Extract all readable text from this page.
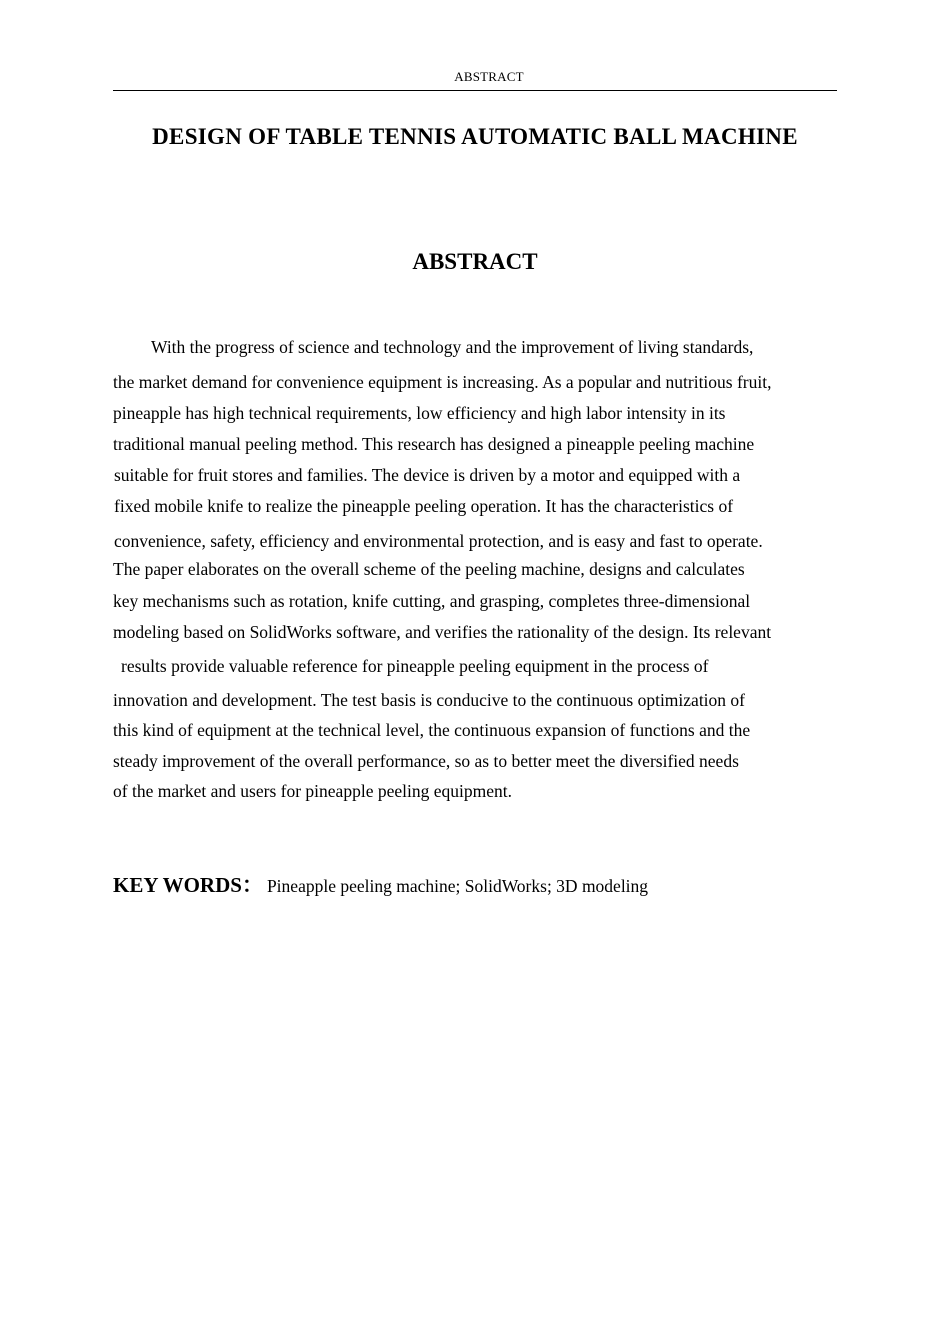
ABSTRACT
DESIGN OF TABLE TENNIS AUTOMATIC BALL MACHINE
ABSTRACT
With the progress of science and technology and the improvement of living standards,
the market demand for convenience equipment is increasing. As a popular and nutritious fruit,
pineapple has high technical requirements, low efficiency and high labor intensity in its
traditional manual peeling method. This research has designed a pineapple peeling machine
suitable for fruit stores and families. The device is driven by a motor and equipped with a
fixed mobile knife to realize the pineapple peeling operation. It has the characteristics of
convenience, safety, efficiency and environmental protection, and is easy and fast to operate.
The paper elaborates on the overall scheme of the peeling machine, designs and calculates
key mechanisms such as rotation, knife cutting, and grasping, completes three-dimensional
modeling based on SolidWorks software, and verifies the rationality of the design. Its relevant
results provide valuable reference for pineapple peeling equipment in the process of
innovation and development. The test basis is conducive to the continuous optimization of
this kind of equipment at the technical level, the continuous expansion of functions and the
steady improvement of the overall performance, so as to better meet the diversified needs
of the market and users for pineapple peeling equipment.
KEY WORDS： Pineapple peeling machine; SolidWorks; 3D modeling
